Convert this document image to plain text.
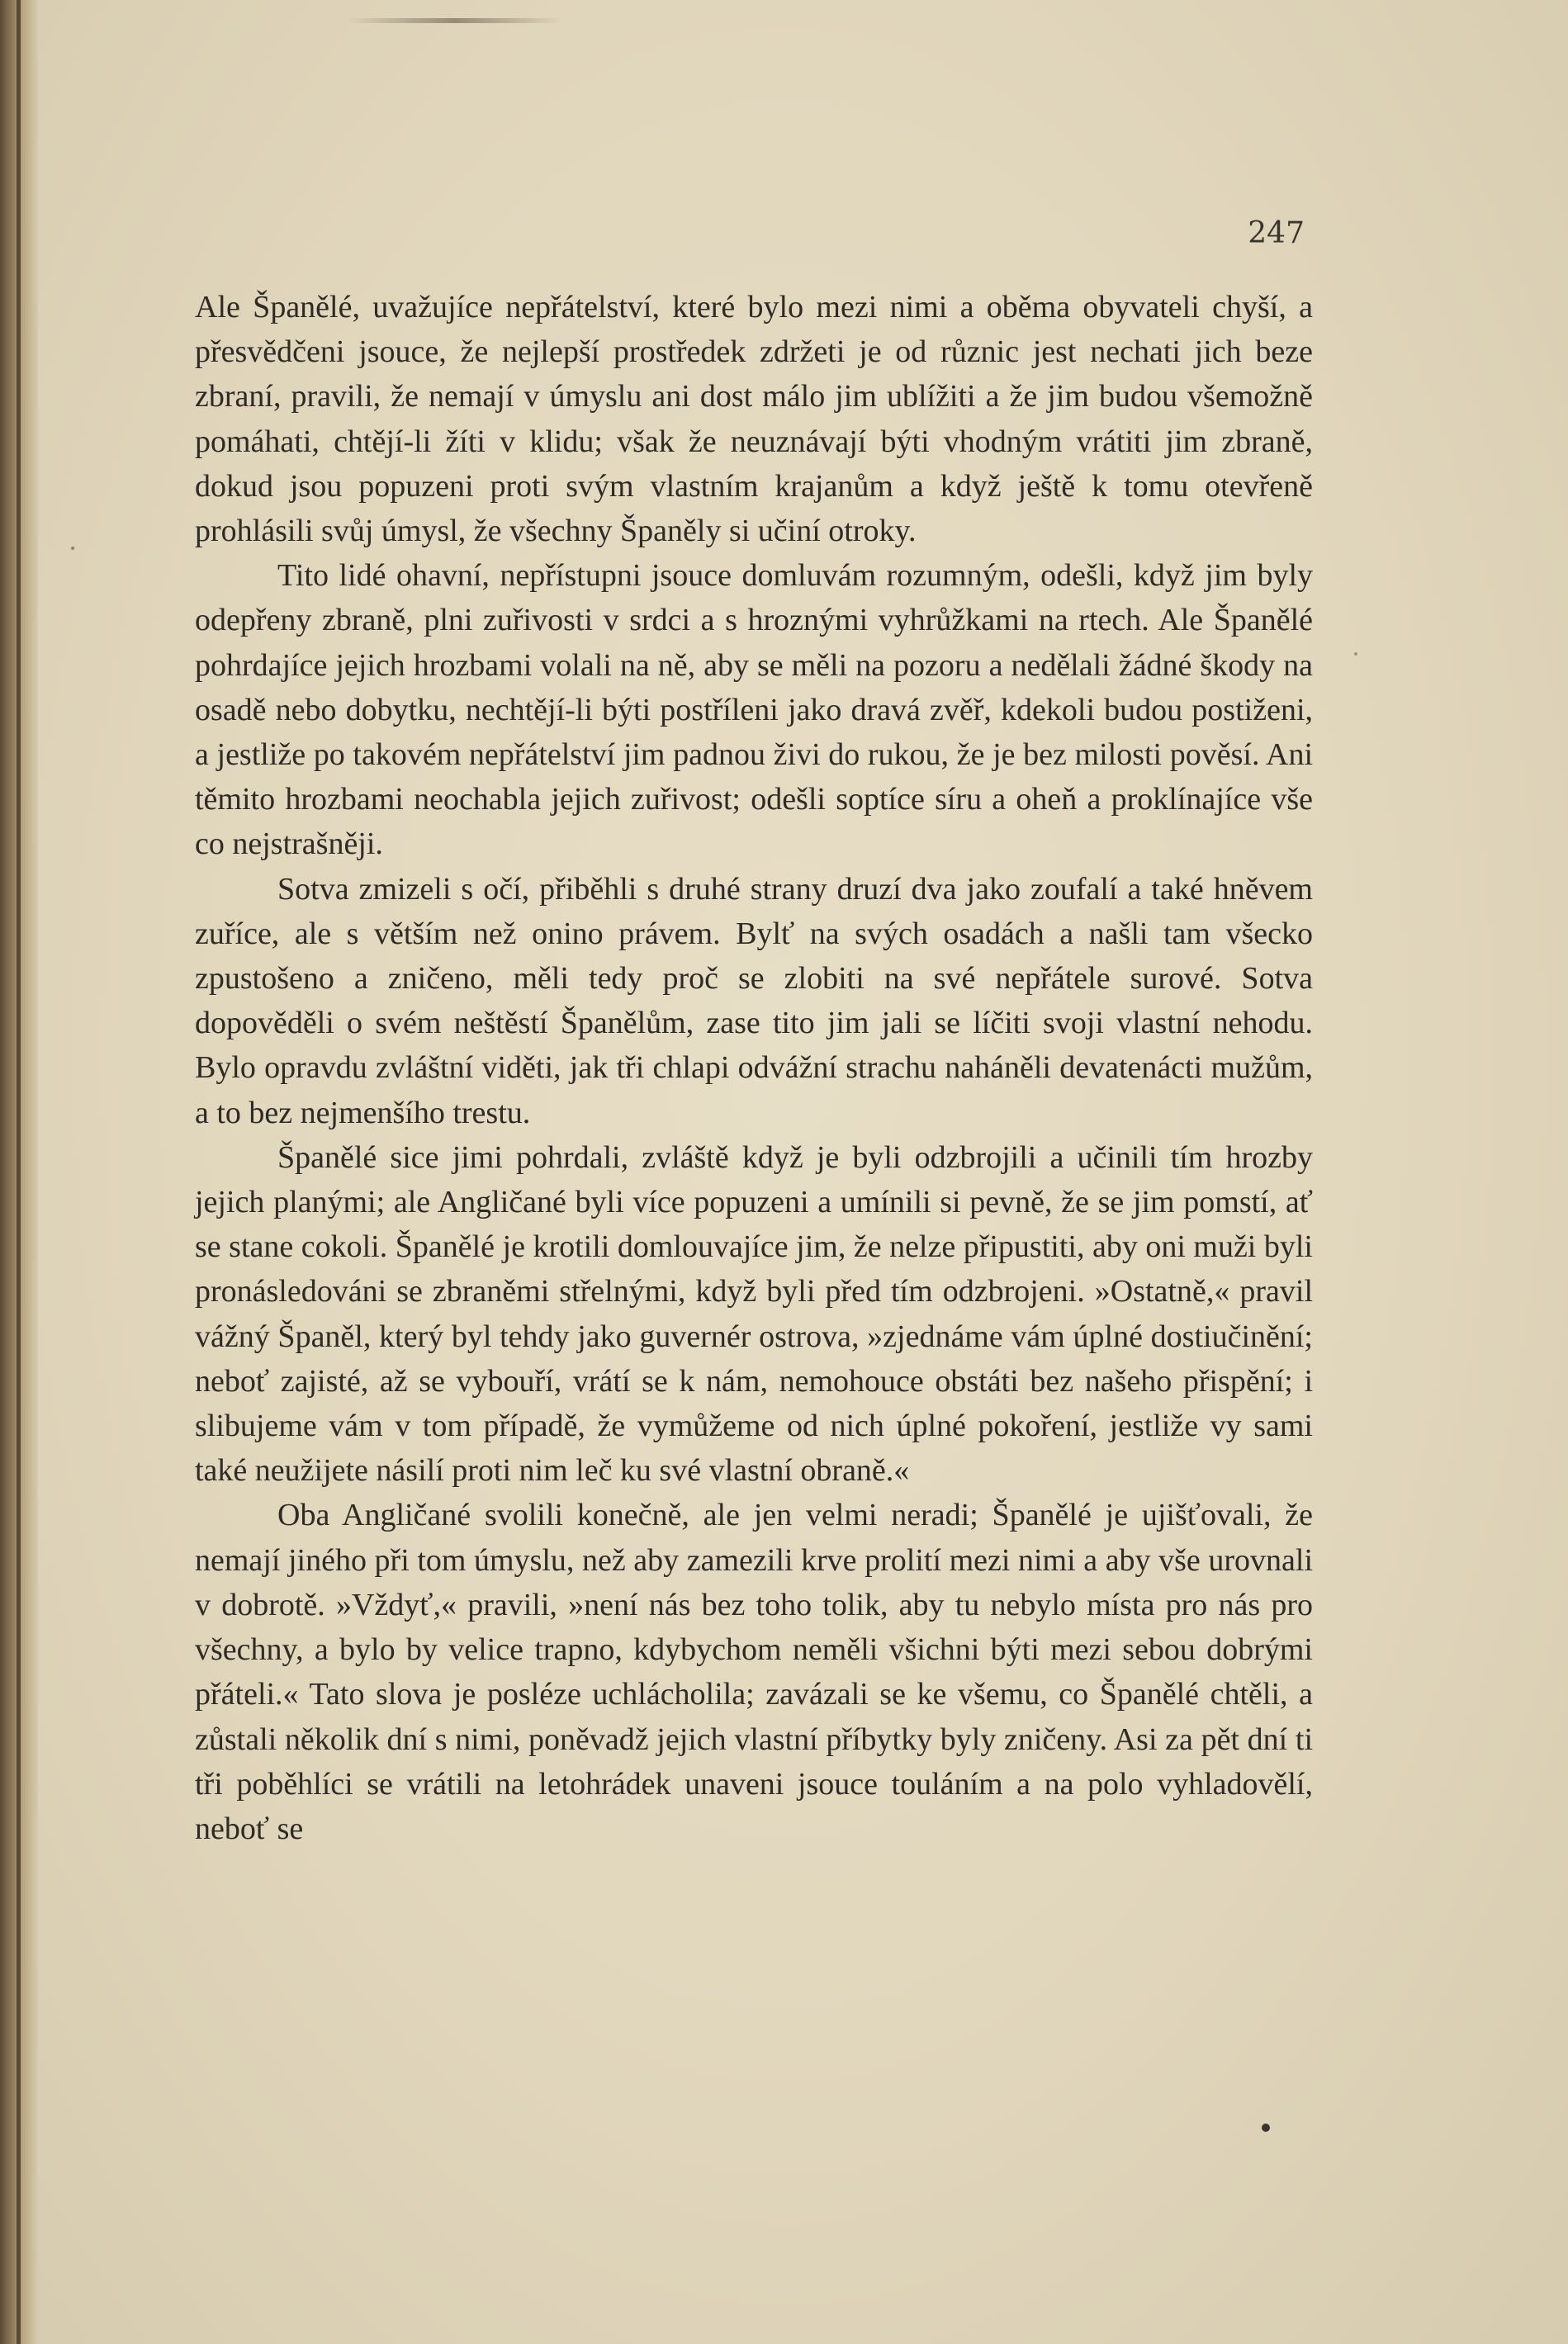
247

Ale Španělé, uvažujíce nepřátelství, které bylo mezi nimi a oběma obyvateli chyší, a přesvědčeni jsouce, že nejlepší prostředek zdržeti je od různic jest nechati jich beze zbraní, pravili, že nemají v úmyslu ani dost málo jim ublížiti a že jim budou všemožně pomáhati, chtějí-li žíti v klidu; však že neuznávají býti vhodným vrátiti jim zbraně, dokud jsou popuzeni proti svým vlastním krajanům a když ještě k tomu otevřeně prohlásili svůj úmysl, že všechny Španěly si učiní otroky.

Tito lidé ohavní, nepřístupni jsouce domluvám rozumným, odešli, když jim byly odepřeny zbraně, plni zuřivosti v srdci a s hroznými vyhrůžkami na rtech. Ale Španělé pohrdajíce jejich hrozbami volali na ně, aby se měli na pozoru a nedělali žádné škody na osadě nebo dobytku, nechtějí-li býti postříleni jako dravá zvěř, kdekoli budou postiženi, a jestliže po takovém nepřátelství jim padnou živi do rukou, že je bez milosti pověsí. Ani těmito hrozbami neochabla jejich zuřivost; odešli soptíce síru a oheň a proklínajíce vše co nejstrašněji.

Sotva zmizeli s očí, přiběhli s druhé strany druzí dva jako zoufalí a také hněvem zuříce, ale s větším než onino právem. Bylť na svých osadách a našli tam všecko zpustošeno a zničeno, měli tedy proč se zlobiti na své nepřátele surové. Sotva dopověděli o svém neštěstí Španělům, zase tito jim jali se líčiti svoji vlastní nehodu. Bylo opravdu zvláštní viděti, jak tři chlapi odvážní strachu naháněli devatenácti mužům, a to bez nejmenšího trestu.

Španělé sice jimi pohrdali, zvláště když je byli odzbrojili a učinili tím hrozby jejich planými; ale Angličané byli více popuzeni a umínili si pevně, že se jim pomstí, ať se stane cokoli. Španělé je krotili domlouvajíce jim, že nelze připustiti, aby oni muži byli pronásledováni se zbraněmi střelnými, když byli před tím odzbrojeni. »Ostatně,« pravil vážný Španěl, který byl tehdy jako guvernér ostrova, »zjednáme vám úplné dostiučinění; neboť zajisté, až se vybouří, vrátí se k nám, nemohouce obstáti bez našeho přispění; i slibujeme vám v tom případě, že vymůžeme od nich úplné pokoření, jestliže vy sami také neužijete násilí proti nim leč ku své vlastní obraně.«

Oba Angličané svolili konečně, ale jen velmi neradi; Španělé je ujišťovali, že nemají jiného při tom úmyslu, než aby zamezili krve prolití mezi nimi a aby vše urovnali v dobrotě. »Vždyť,« pravili, »není nás bez toho tolik, aby tu nebylo místa pro nás pro všechny, a bylo by velice trapno, kdybychom neměli všichni býti mezi sebou dobrými přáteli.« Tato slova je posléze uchlácholila; zavázali se ke všemu, co Španělé chtěli, a zůstali několik dní s nimi, poněvadž jejich vlastní příbytky byly zničeny. Asi za pět dní ti tři poběhlíci se vrátili na letohrádek unaveni jsouce touláním a na polo vyhladovělí, neboť se
